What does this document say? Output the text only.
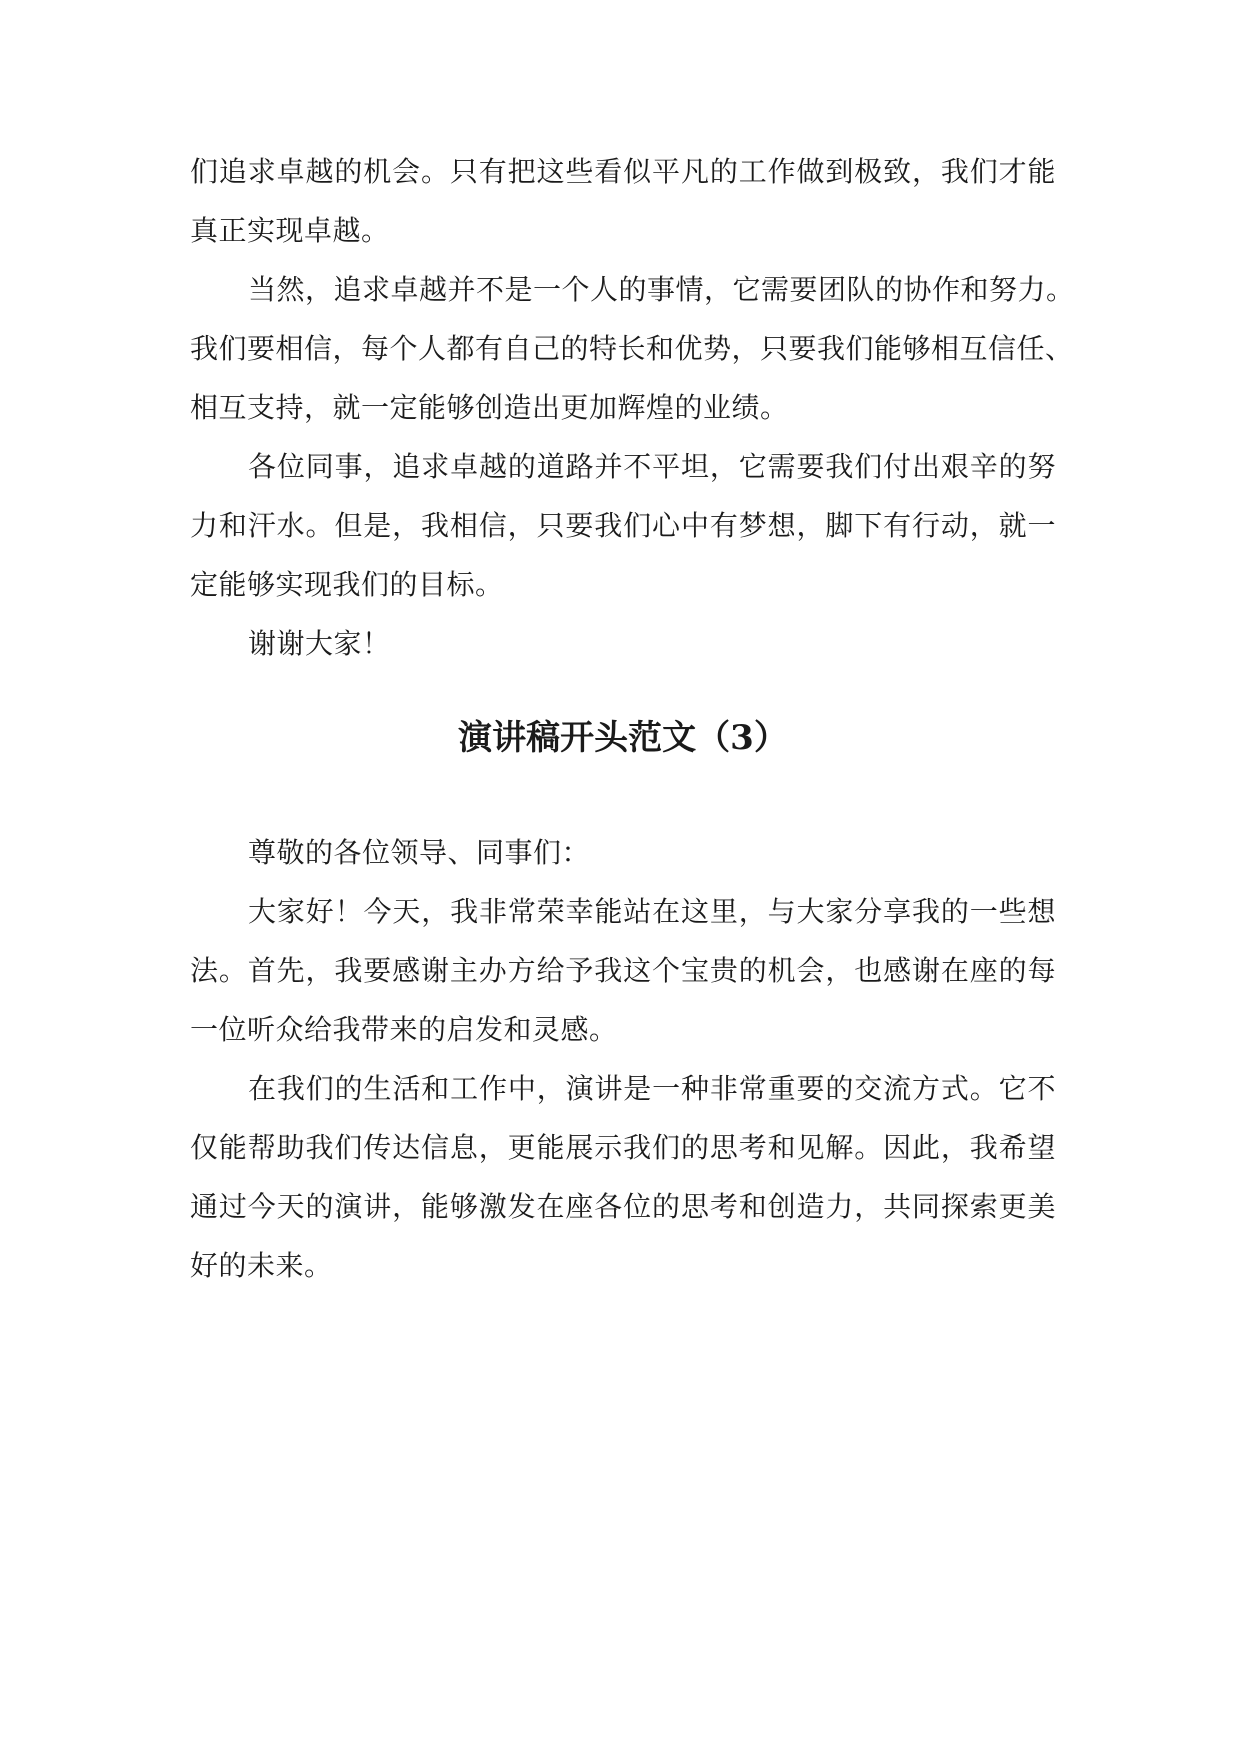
们追求卓越的机会。只有把这些看似平凡的工作做到极致，我们才能
真正实现卓越。
当然，追求卓越并不是一个人的事情，它需要团队的协作和努力。
我们要相信，每个人都有自己的特长和优势，只要我们能够相互信任、
相互支持，就一定能够创造出更加辉煌的业绩。
各位同事，追求卓越的道路并不平坦，它需要我们付出艰辛的努
力和汗水。但是，我相信，只要我们心中有梦想，脚下有行动，就一
定能够实现我们的目标。
谢谢大家！
演讲稿开头范文（3）
尊敬的各位领导、同事们：
大家好！今天，我非常荣幸能站在这里，与大家分享我的一些想
法。首先，我要感谢主办方给予我这个宝贵的机会，也感谢在座的每
一位听众给我带来的启发和灵感。
在我们的生活和工作中，演讲是一种非常重要的交流方式。它不
仅能帮助我们传达信息，更能展示我们的思考和见解。因此，我希望
通过今天的演讲，能够激发在座各位的思考和创造力，共同探索更美
好的未来。
